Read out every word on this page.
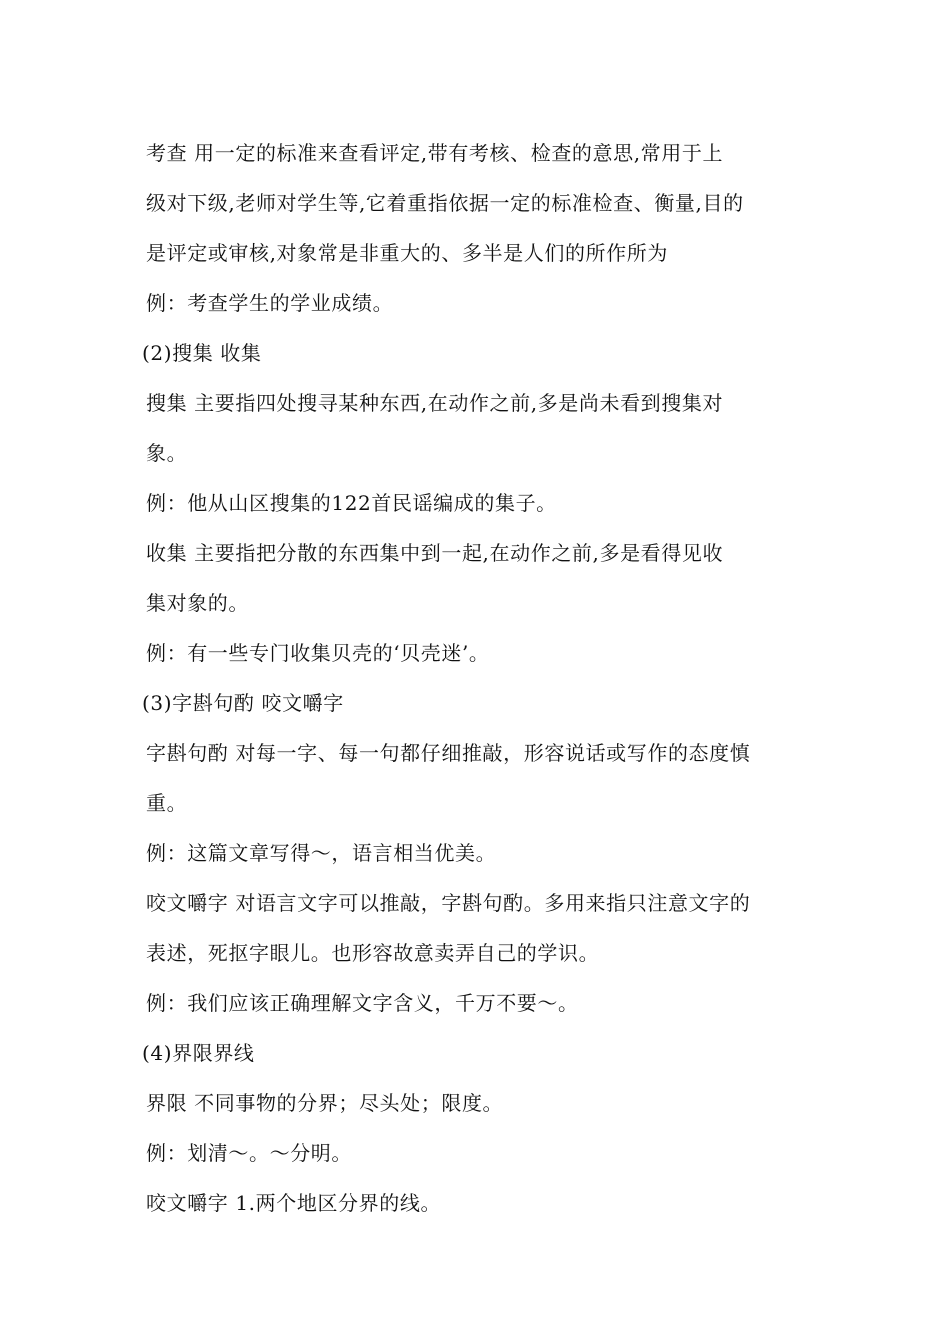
考查 用一定的标准来查看评定,带有考核、检查的意思,常用于上
级对下级,老师对学生等,它着重指依据一定的标准检查、衡量,目的
是评定或审核,对象常是非重大的、多半是人们的所作所为
例：考查学生的学业成绩。
(2)搜集 收集
搜集 主要指四处搜寻某种东西,在动作之前,多是尚未看到搜集对
象。
例：他从山区搜集的122首民谣编成的集子。
收集 主要指把分散的东西集中到一起,在动作之前,多是看得见收
集对象的。
例：有一些专门收集贝壳的‘贝壳迷’。
(3)字斟句酌 咬文嚼字
字斟句酌 对每一字、每一句都仔细推敲，形容说话或写作的态度慎
重。
例：这篇文章写得～，语言相当优美。
咬文嚼字 对语言文字可以推敲，字斟句酌。多用来指只注意文字的
表述，死抠字眼儿。也形容故意卖弄自己的学识。
例：我们应该正确理解文字含义，千万不要～。
(4)界限界线
界限 不同事物的分界；尽头处；限度。
例：划清～。～分明。
咬文嚼字 1.两个地区分界的线。
